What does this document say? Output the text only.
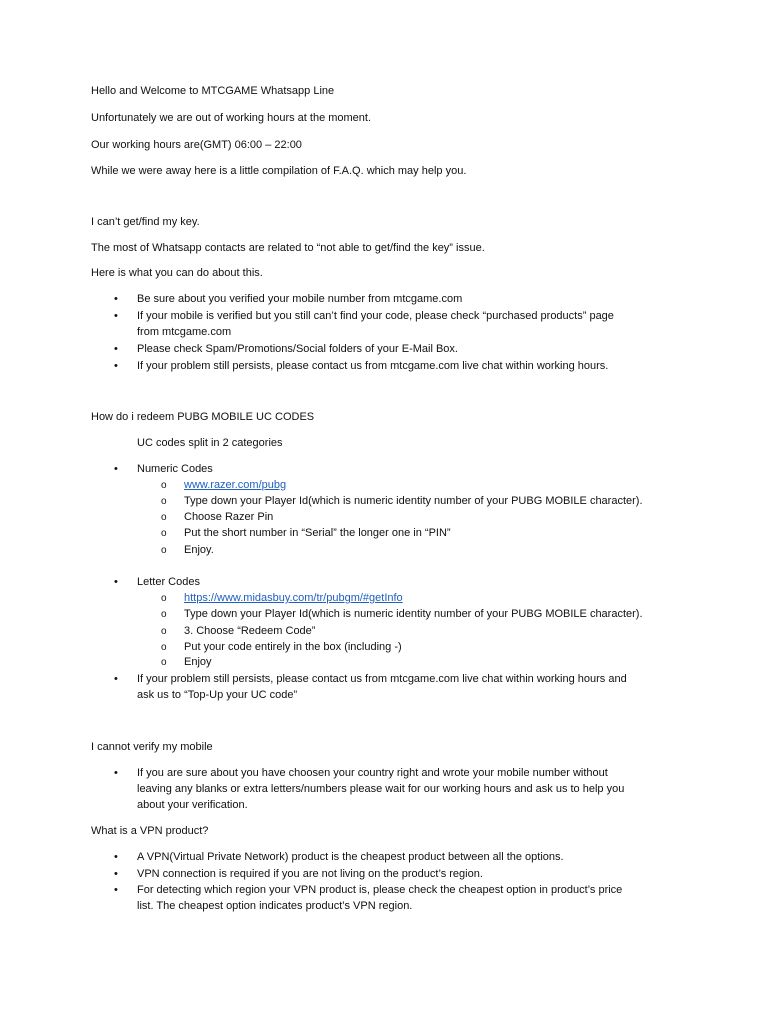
Hello and Welcome to MTCGAME Whatsapp Line
Unfortunately we are out of working hours at the moment.
Our working hours are(GMT) 06:00 – 22:00
While we were away here is a little compilation of F.A.Q. which may help you.
I can’t get/find my key.
The most of Whatsapp contacts are related to “not able to get/find the key” issue.
Here is what you can do about this.
• Be sure about you verified your mobile number from mtcgame.com
• If your mobile is verified but you still can’t find your code, please check “purchased products” page
from mtcgame.com
• Please check Spam/Promotions/Social folders of your E-Mail Box.
• If your problem still persists, please contact us from mtcgame.com live chat within working hours.
How do i redeem PUBG MOBILE UC CODES
UC codes split in 2 categories
• Numeric Codes
o www.razer.com/pubg
o Type down your Player Id(which is numeric identity number of your PUBG MOBILE character).
o Choose Razer Pin
o Put the short number in “Serial” the longer one in “PIN”
o Enjoy.
• Letter Codes
o https://www.midasbuy.com/tr/pubgm/#getInfo
o Type down your Player Id(which is numeric identity number of your PUBG MOBILE character).
o 3. Choose “Redeem Code”
o Put your code entirely in the box (including -)
o Enjoy
• If your problem still persists, please contact us from mtcgame.com live chat within working hours and
ask us to “Top-Up your UC code”
I cannot verify my mobile
• If you are sure about you have choosen your country right and wrote your mobile number without
leaving any blanks or extra letters/numbers please wait for our working hours and ask us to help you
about your verification.
What is a VPN product?
• A VPN(Virtual Private Network) product is the cheapest product between all the options.
• VPN connection is required if you are not living on the product’s region.
• For detecting which region your VPN product is, please check the cheapest option in product’s price
list. The cheapest option indicates product’s VPN region.
